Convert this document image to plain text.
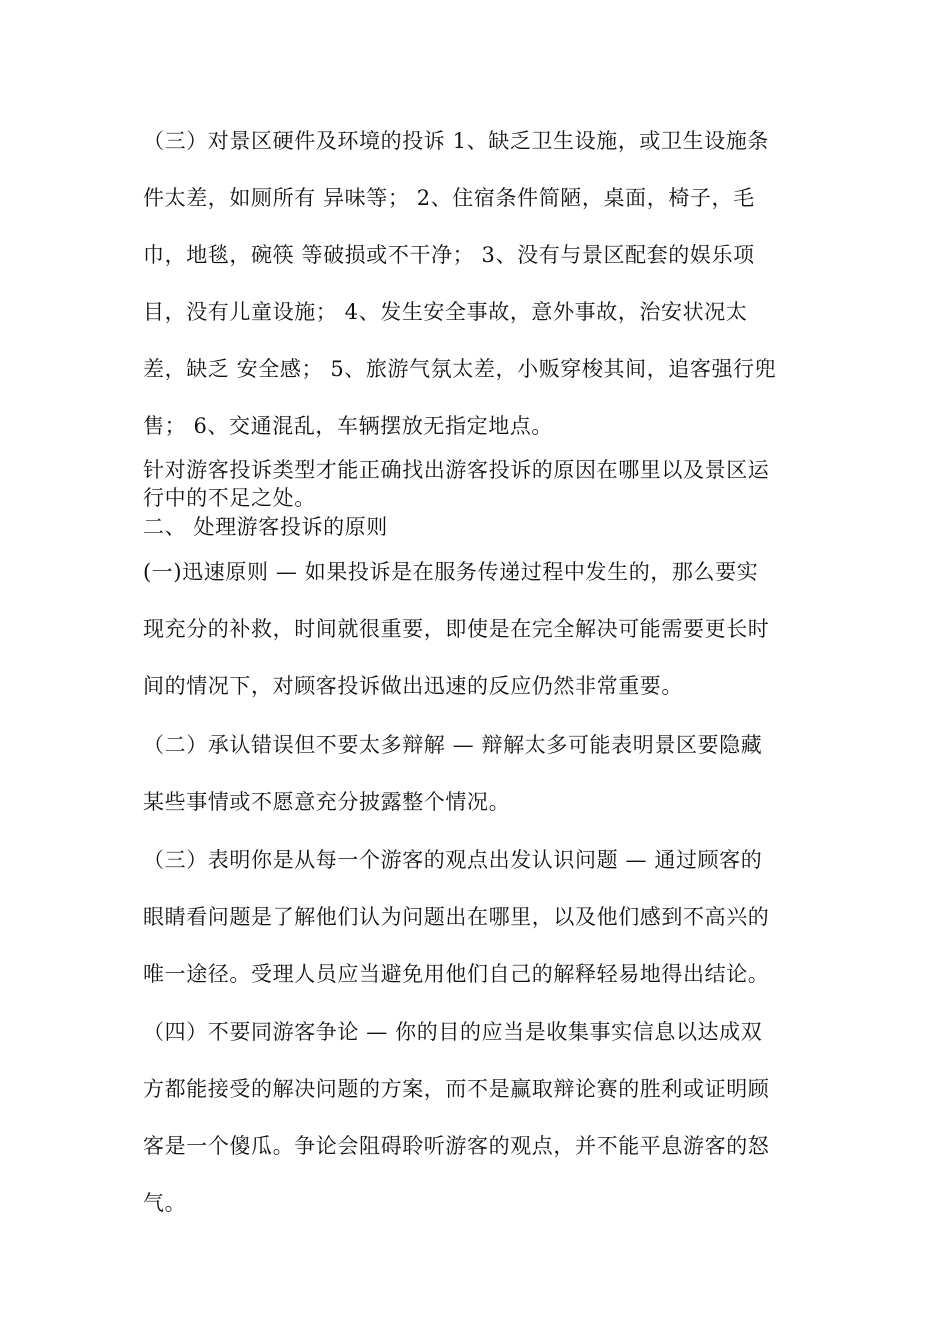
（三）对景区硬件及环境的投诉 1、缺乏卫生设施，或卫生设施条
件太差，如厕所有 异味等； 2、住宿条件简陋，桌面，椅子，毛
巾，地毯，碗筷 等破损或不干净； 3、没有与景区配套的娱乐项
目，没有儿童设施； 4、发生安全事故，意外事故，治安状况太
差，缺乏 安全感； 5、旅游气氛太差，小贩穿梭其间，追客强行兜
售； 6、交通混乱，车辆摆放无指定地点。
针对游客投诉类型才能正确找出游客投诉的原因在哪里以及景区运
行中的不足之处。
二、 处理游客投诉的原则
(一)迅速原则 — 如果投诉是在服务传递过程中发生的，那么要实
现充分的补救，时间就很重要，即使是在完全解决可能需要更长时
间的情况下，对顾客投诉做出迅速的反应仍然非常重要。
（二）承认错误但不要太多辩解 — 辩解太多可能表明景区要隐藏
某些事情或不愿意充分披露整个情况。
（三）表明你是从每一个游客的观点出发认识问题 — 通过顾客的
眼睛看问题是了解他们认为问题出在哪里，以及他们感到不高兴的
唯一途径。受理人员应当避免用他们自己的解释轻易地得出结论。
（四）不要同游客争论 — 你的目的应当是收集事实信息以达成双
方都能接受的解决问题的方案，而不是赢取辩论赛的胜利或证明顾
客是一个傻瓜。争论会阻碍聆听游客的观点，并不能平息游客的怒
气。
